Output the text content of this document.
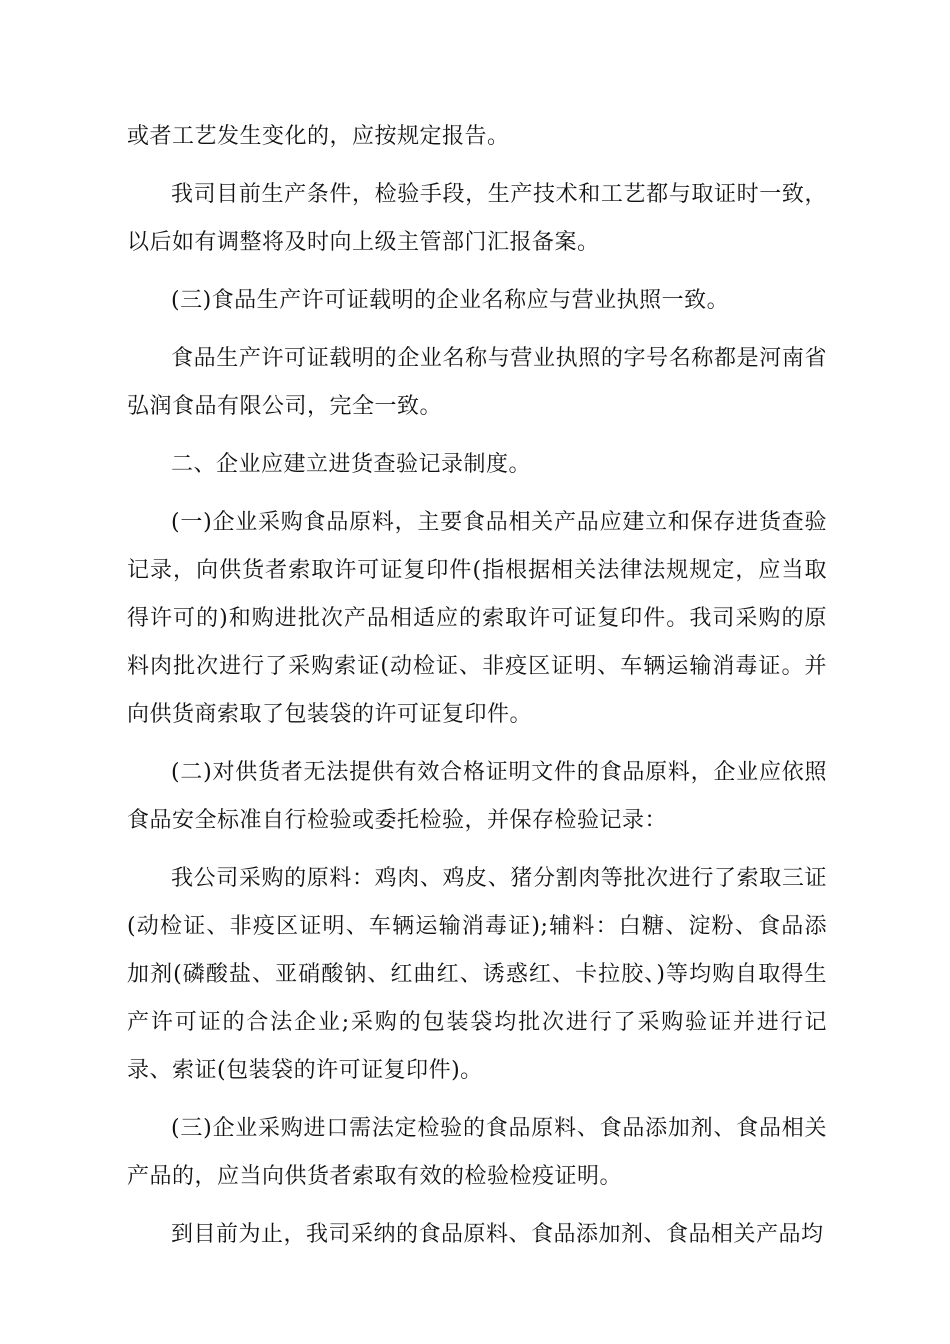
或者工艺发生变化的，应按规定报告。

我司目前生产条件，检验手段，生产技术和工艺都与取证时一致，以后如有调整将及时向上级主管部门汇报备案。

(三)食品生产许可证载明的企业名称应与营业执照一致。

食品生产许可证载明的企业名称与营业执照的字号名称都是河南省弘润食品有限公司，完全一致。

二、企业应建立进货查验记录制度。

(一)企业采购食品原料，主要食品相关产品应建立和保存进货查验记录，向供货者索取许可证复印件(指根据相关法律法规规定，应当取得许可的)和购进批次产品相适应的索取许可证复印件。我司采购的原料肉批次进行了采购索证(动检证、非疫区证明、车辆运输消毒证。并向供货商索取了包装袋的许可证复印件。

(二)对供货者无法提供有效合格证明文件的食品原料，企业应依照食品安全标准自行检验或委托检验，并保存检验记录：

我公司采购的原料：鸡肉、鸡皮、猪分割肉等批次进行了索取三证(动检证、非疫区证明、车辆运输消毒证);辅料：白糖、淀粉、食品添加剂(磷酸盐、亚硝酸钠、红曲红、诱惑红、卡拉胶、)等均购自取得生产许可证的合法企业;采购的包装袋均批次进行了采购验证并进行记录、索证(包装袋的许可证复印件)。

(三)企业采购进口需法定检验的食品原料、食品添加剂、食品相关产品的，应当向供货者索取有效的检验检疫证明。

到目前为止，我司采纳的食品原料、食品添加剂、食品相关产品均
